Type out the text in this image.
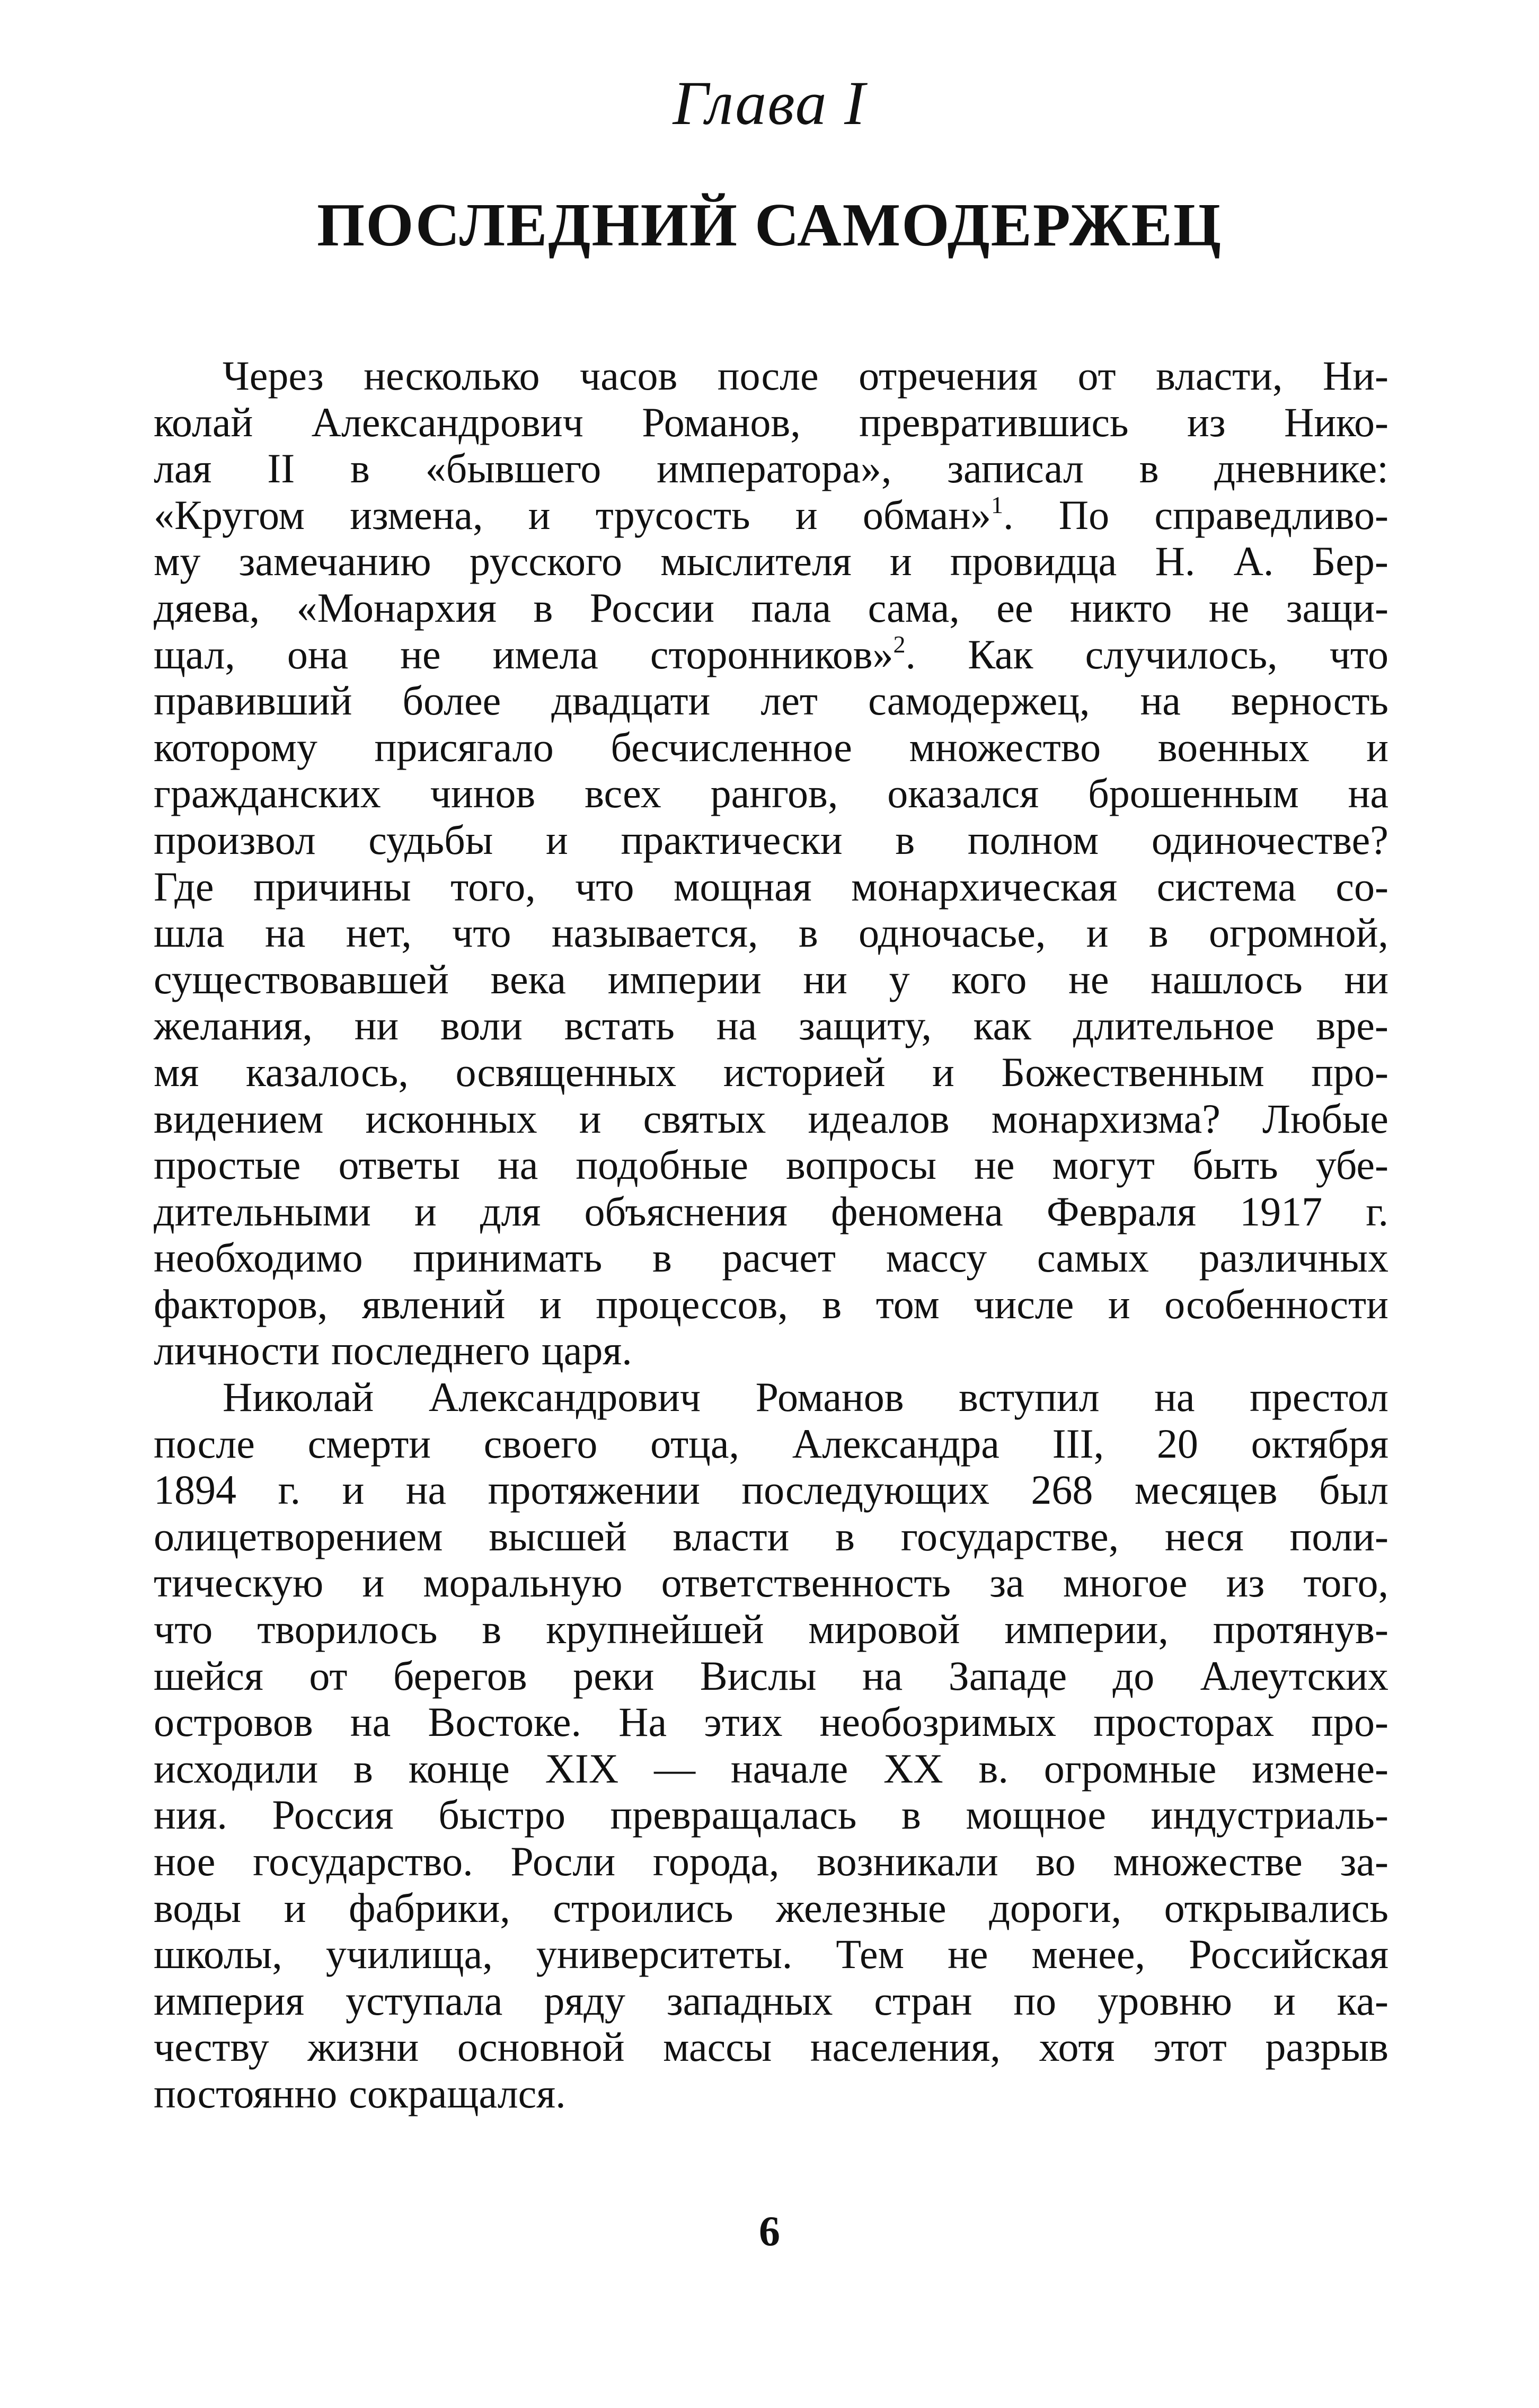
Глава I
ПОСЛЕДНИЙ САМОДЕРЖЕЦ
Через несколько часов после отречения от власти, Ни-
колай Александрович Романов, превратившись из Нико-
лая II в «бывшего императора», записал в дневнике:
«Кругом измена, и трусость и обман»$^1$. По справедливо-
му замечанию русского мыслителя и провидца Н. А. Бер-
дяева, «Монархия в России пала сама, ее никто не защи-
щал, она не имела сторонников»$^2$. Как случилось, что
правивший более двадцати лет самодержец, на верность
которому присягало бесчисленное множество военных и
гражданских чинов всех рангов, оказался брошенным на
произвол судьбы и практически в полном одиночестве?
Где причины того, что мощная монархическая система со-
шла на нет, что называется, в одночасье, и в огромной,
существовавшей века империи ни у кого не нашлось ни
желания, ни воли встать на защиту, как длительное вре-
мя казалось, освященных историей и Божественным про-
видением исконных и святых идеалов монархизма? Любые
простые ответы на подобные вопросы не могут быть убе-
дительными и для объяснения феномена Февраля 1917 г.
необходимо принимать в расчет массу самых различных
факторов, явлений и процессов, в том числе и особенности
личности последнего царя.
Николай Александрович Романов вступил на престол
после смерти своего отца, Александра III, 20 октября
1894 г. и на протяжении последующих 268 месяцев был
олицетворением высшей власти в государстве, неся поли-
тическую и моральную ответственность за многое из того,
что творилось в крупнейшей мировой империи, протянув-
шейся от берегов реки Вислы на Западе до Алеутских
островов на Востоке. На этих необозримых просторах про-
исходили в конце XIX — начале XX в. огромные измене-
ния. Россия быстро превращалась в мощное индустриаль-
ное государство. Росли города, возникали во множестве за-
воды и фабрики, строились железные дороги, открывались
школы, училища, университеты. Тем не менее, Российская
империя уступала ряду западных стран по уровню и ка-
честву жизни основной массы населения, хотя этот разрыв
постоянно сокращался.
6
